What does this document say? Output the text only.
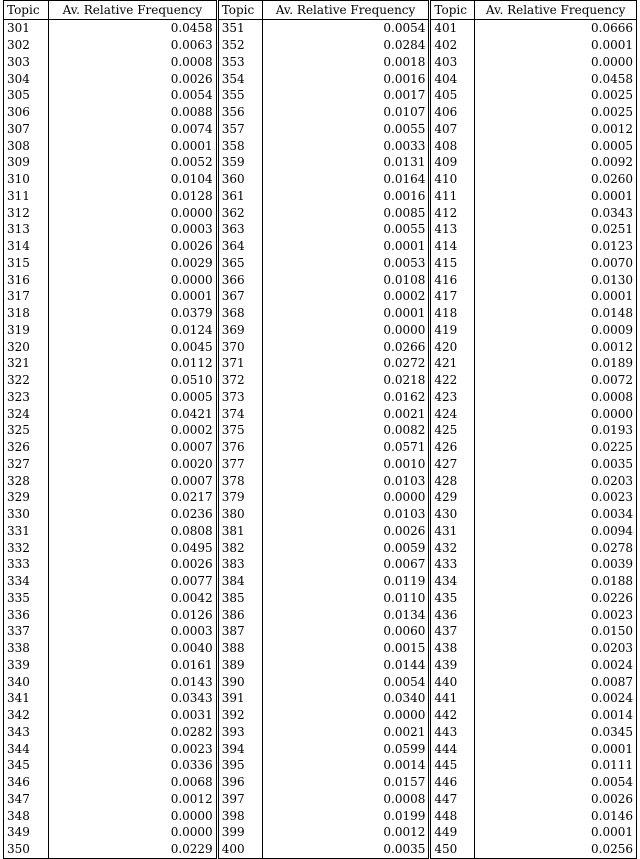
Topic	Av. Relative Frequency	Topic	Av. Relative Frequency	Topic	Av. Relative Frequency
301	0.0458	351	0.0054	401	0.0666
302	0.0063	352	0.0284	402	0.0001
303	0.0008	353	0.0018	403	0.0000
304	0.0026	354	0.0016	404	0.0458
305	0.0054	355	0.0017	405	0.0025
306	0.0088	356	0.0107	406	0.0025
307	0.0074	357	0.0055	407	0.0012
308	0.0001	358	0.0033	408	0.0005
309	0.0052	359	0.0131	409	0.0092
310	0.0104	360	0.0164	410	0.0260
311	0.0128	361	0.0016	411	0.0001
312	0.0000	362	0.0085	412	0.0343
313	0.0003	363	0.0055	413	0.0251
314	0.0026	364	0.0001	414	0.0123
315	0.0029	365	0.0053	415	0.0070
316	0.0000	366	0.0108	416	0.0130
317	0.0001	367	0.0002	417	0.0001
318	0.0379	368	0.0001	418	0.0148
319	0.0124	369	0.0000	419	0.0009
320	0.0045	370	0.0266	420	0.0012
321	0.0112	371	0.0272	421	0.0189
322	0.0510	372	0.0218	422	0.0072
323	0.0005	373	0.0162	423	0.0008
324	0.0421	374	0.0021	424	0.0000
325	0.0002	375	0.0082	425	0.0193
326	0.0007	376	0.0571	426	0.0225
327	0.0020	377	0.0010	427	0.0035
328	0.0007	378	0.0103	428	0.0203
329	0.0217	379	0.0000	429	0.0023
330	0.0236	380	0.0103	430	0.0034
331	0.0808	381	0.0026	431	0.0094
332	0.0495	382	0.0059	432	0.0278
333	0.0026	383	0.0067	433	0.0039
334	0.0077	384	0.0119	434	0.0188
335	0.0042	385	0.0110	435	0.0226
336	0.0126	386	0.0134	436	0.0023
337	0.0003	387	0.0060	437	0.0150
338	0.0040	388	0.0015	438	0.0203
339	0.0161	389	0.0144	439	0.0024
340	0.0143	390	0.0054	440	0.0087
341	0.0343	391	0.0340	441	0.0024
342	0.0031	392	0.0000	442	0.0014
343	0.0282	393	0.0021	443	0.0345
344	0.0023	394	0.0599	444	0.0001
345	0.0336	395	0.0014	445	0.0111
346	0.0068	396	0.0157	446	0.0054
347	0.0012	397	0.0008	447	0.0026
348	0.0000	398	0.0199	448	0.0146
349	0.0000	399	0.0012	449	0.0001
350	0.0229	400	0.0035	450	0.0256
